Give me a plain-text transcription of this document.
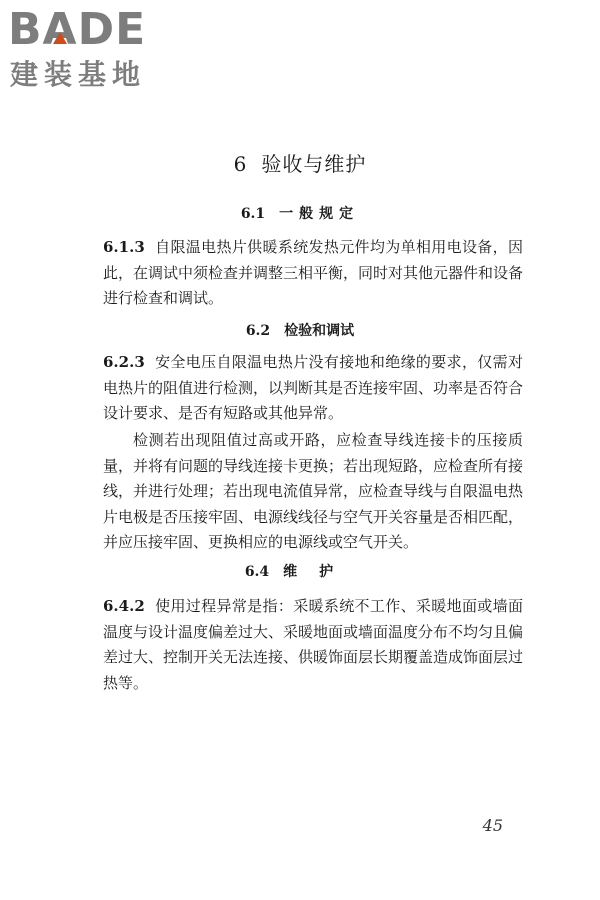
BADE
建装基地
6 验收与维护
6.1 一般规定
6.1.3 自限温电热片供暖系统发热元件均为单相用电设备，因此，在调试中须检查并调整三相平衡，同时对其他元器件和设备进行检查和调试。
6.2 检验和调试
6.2.3 安全电压自限温电热片没有接地和绝缘的要求，仅需对电热片的阻值进行检测，以判断其是否连接牢固、功率是否符合设计要求、是否有短路或其他异常。
检测若出现阻值过高或开路，应检查导线连接卡的压接质量，并将有问题的导线连接卡更换；若出现短路，应检查所有接线，并进行处理；若出现电流值异常，应检查导线与自限温电热片电极是否压接牢固、电源线线径与空气开关容量是否相匹配，并应压接牢固、更换相应的电源线或空气开关。
6.4 维护
6.4.2 使用过程异常是指：采暖系统不工作、采暖地面或墙面温度与设计温度偏差过大、采暖地面或墙面温度分布不均匀且偏差过大、控制开关无法连接、供暖饰面层长期覆盖造成饰面层过热等。
45
